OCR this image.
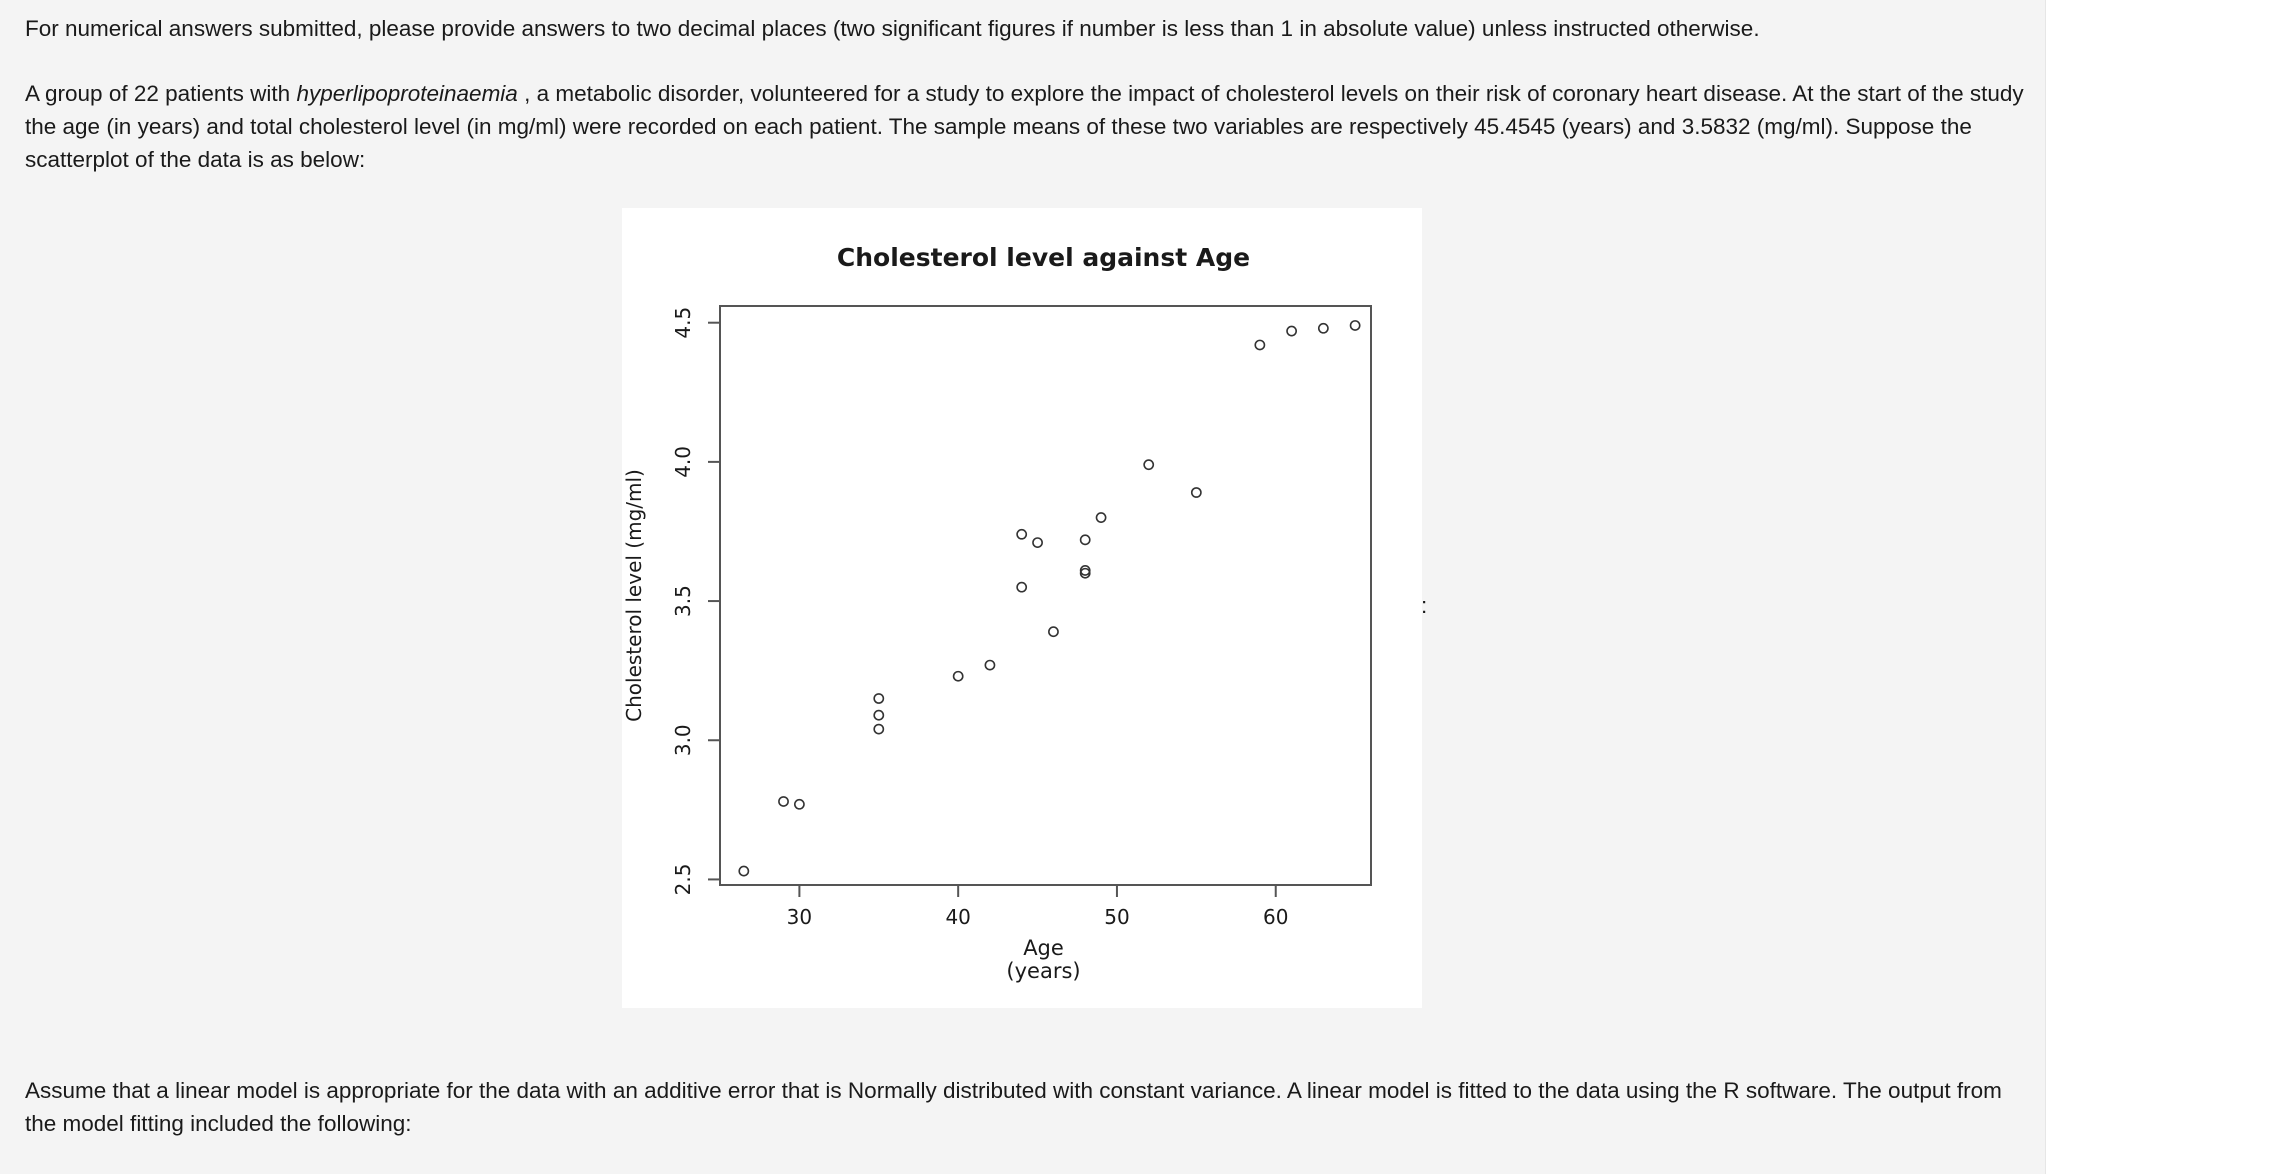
For numerical answers submitted, please provide answers to two decimal places (two significant figures if number is less than 1 in absolute value) unless instructed otherwise.

A group of 22 patients with hyperlipoproteinaemia , a metabolic disorder, volunteered for a study to explore the impact of cholesterol levels on their risk of coronary heart disease. At the start of the study the age (in years) and total cholesterol level (in mg/ml) were recorded on each patient. The sample means of these two variables are respectively 45.4545 (years) and 3.5832 (mg/ml). Suppose the scatterplot of the data is as below:

Cholesterol level against Age
30	40	50	60
2.5
3.0
3.5
4.0
4.5
Age
(years)
Cholesterol level (mg/ml)	:

Assume that a linear model is appropriate for the data with an additive error that is Normally distributed with constant variance. A linear model is fitted to the data using the R software. The output from the model fitting included the following:
